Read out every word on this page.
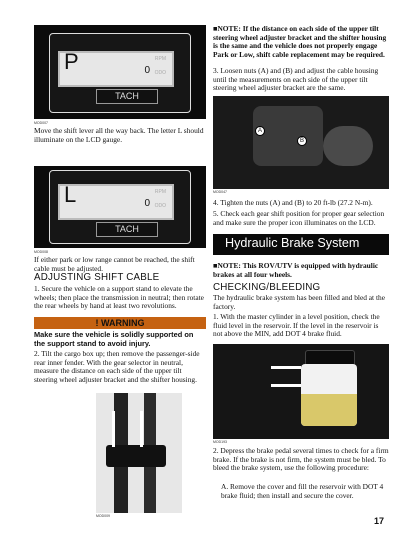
P	RPM
0 ODO
TACH
MOD007

Move the shift lever all the way back. The letter L should illuminate on the LCD gauge.

L	RPM
0 ODO
TACH
MOD008

If either park or low range cannot be reached, the shift cable must be adjusted.

ADJUSTING SHIFT CABLE

1. Secure the vehicle on a support stand to elevate the wheels; then place the transmission in neutral; then rotate the rear wheels by hand at least two revolutions.

! WARNING

Make sure the vehicle is solidly supported on the support stand to avoid injury.

2. Tilt the cargo box up; then remove the passenger-side rear inner fender. With the gear selector in neutral, measure the distance on each side of the upper tilt steering wheel adjuster bracket and the shifter housing.

MOD009

■NOTE: If the distance on each side of the upper tilt steering wheel adjuster bracket and the shifter housing is the same and the vehicle does not properly engage Park or Low, shift cable replacement may be required.

3. Loosen nuts (A) and (B) and adjust the cable housing until the measurements on each side of the upper tilt steering wheel adjuster bracket are the same.

A
B
MOD047

4. Tighten the nuts (A) and (B) to 20 ft-lb (27.2 N-m).

5. Check each gear shift position for proper gear selection and make sure the proper icon illuminates on the LCD.

Hydraulic Brake System

■NOTE: This ROV/UTV is equipped with hydraulic brakes at all four wheels.

CHECKING/BLEEDING

The hydraulic brake system has been filled and bled at the factory.

1. With the master cylinder in a level position, check the fluid level in the reservoir. If the level in the reservoir is not above the MIN, add DOT 4 brake fluid.

MOD193

2. Depress the brake pedal several times to check for a firm brake. If the brake is not firm, the system must be bled. To bleed the brake system, use the following procedure:

A. Remove the cover and fill the reservoir with DOT 4 brake fluid; then install and secure the cover.

17
